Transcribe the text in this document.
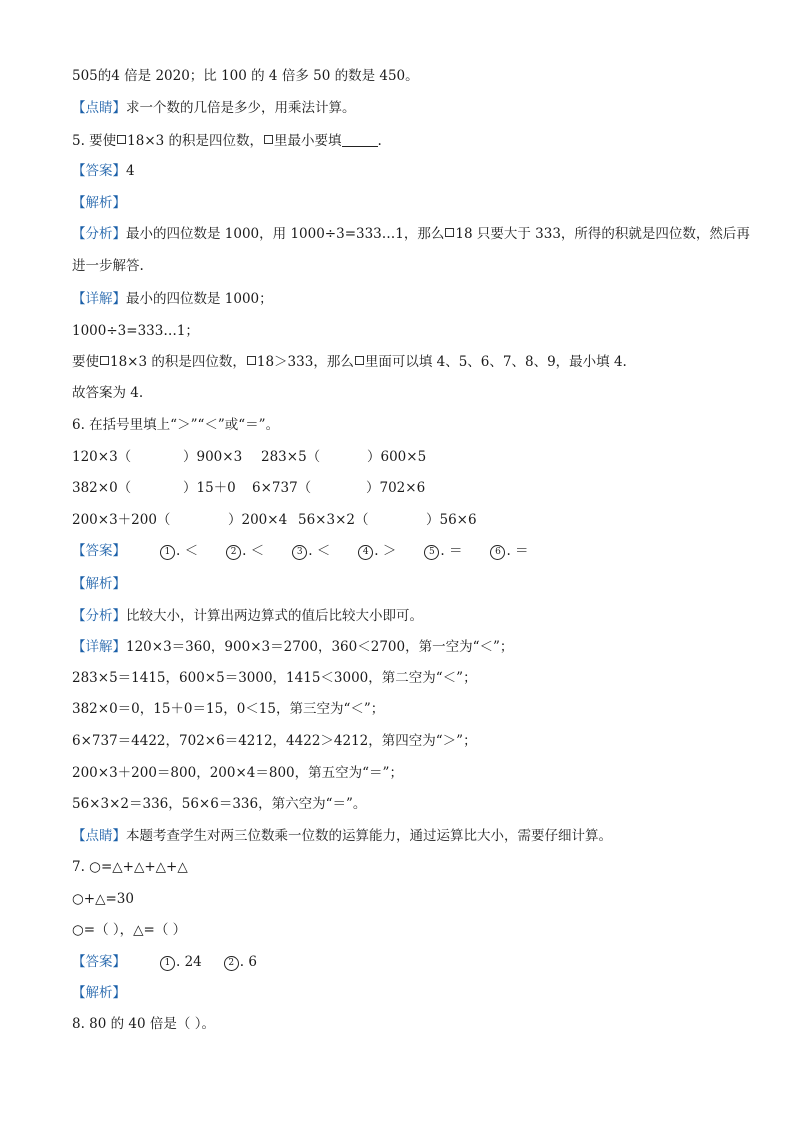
505的4 倍是 2020；比 100 的 4 倍多 50 的数是 450。
【点睛】求一个数的几倍是多少，用乘法计算。
5. 要使 18×3 的积是四位数， 里最小要填	.
【答案】4
【解析】
【分析】最小的四位数是 1000，用 1000÷3=333…1，那么 18 只要大于 333，所得的积就是四位数，然后再
进一步解答.
【详解】最小的四位数是 1000；
1000÷3=333…1；
要使 18×3 的积是四位数， 18＞333，那么 里面可以填 4、5、6、7、8、9，最小填 4.
故答案为 4.
6. 在括号里填上“＞”“＜”或“＝”。
120×3（	）900×3 283×5（	）600×5
382×0（	）15＋0 6×737（	）702×6
200×3＋200（	）200×4 56×3×2（	）56×6
【答案】	1 . ＜	2 . ＜	3 . ＜	4 . ＞	5 . ＝	6 . ＝
【解析】
【分析】比较大小，计算出两边算式的值后比较大小即可。
【详解】120×3＝360，900×3＝2700，360＜2700，第一空为“＜”；
283×5＝1415，600×5＝3000，1415＜3000，第二空为“＜”；
382×0＝0，15＋0＝15，0＜15，第三空为“＜”；
6×737＝4422，702×6＝4212，4422＞4212，第四空为“＞”；
200×3＋200＝800，200×4＝800，第五空为“＝”；
56×3×2＝336，56×6＝336，第六空为“＝”。
【点睛】本题考查学生对两三位数乘一位数的运算能力，通过运算比大小，需要仔细计算。
7. ○=△+△+△+△
○+△=30
○=（ ），△=（ ）
【答案】	1 . 24	2 . 6
【解析】
8. 80 的 40 倍是（ ）。
